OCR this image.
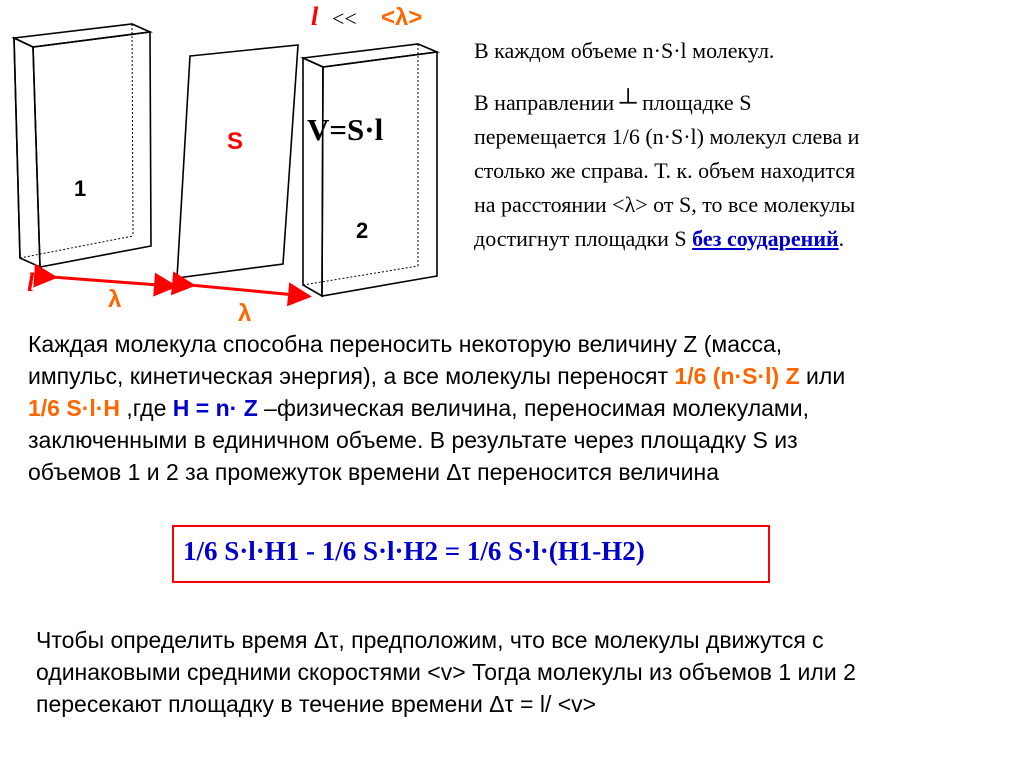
l << <λ>
S V=S·l
1
2
l
λ
λ
В каждом объеме n·S·l молекул.
В направлении ┴ площадке S
перемещается 1/6 (n·S·l) молекул слева и
столько же справа. Т. к. объем находится
на расстоянии <λ> от S, то все молекулы
достигнут площадки S без соударений.
Каждая молекула способна переносить некоторую величину Z (масса,
импульс, кинетическая энергия), а все молекулы переносят 1/6 (n·S·l) Z или
1/6 S·l·H ,где H = n· Z –физическая величина, переносимая молекулами,
заключенными в единичном объеме. В результате через площадку S из
объемов 1 и 2 за промежуток времени Δτ переносится величина
1/6 S·l·H1 - 1/6 S·l·H2 = 1/6 S·l·(H1-H2)
Чтобы определить время Δτ, предположим, что все молекулы движутся с
одинаковыми средними скоростями <v> Тогда молекулы из объемов 1 или 2
пересекают площадку в течение времени Δτ = l/ <v>
